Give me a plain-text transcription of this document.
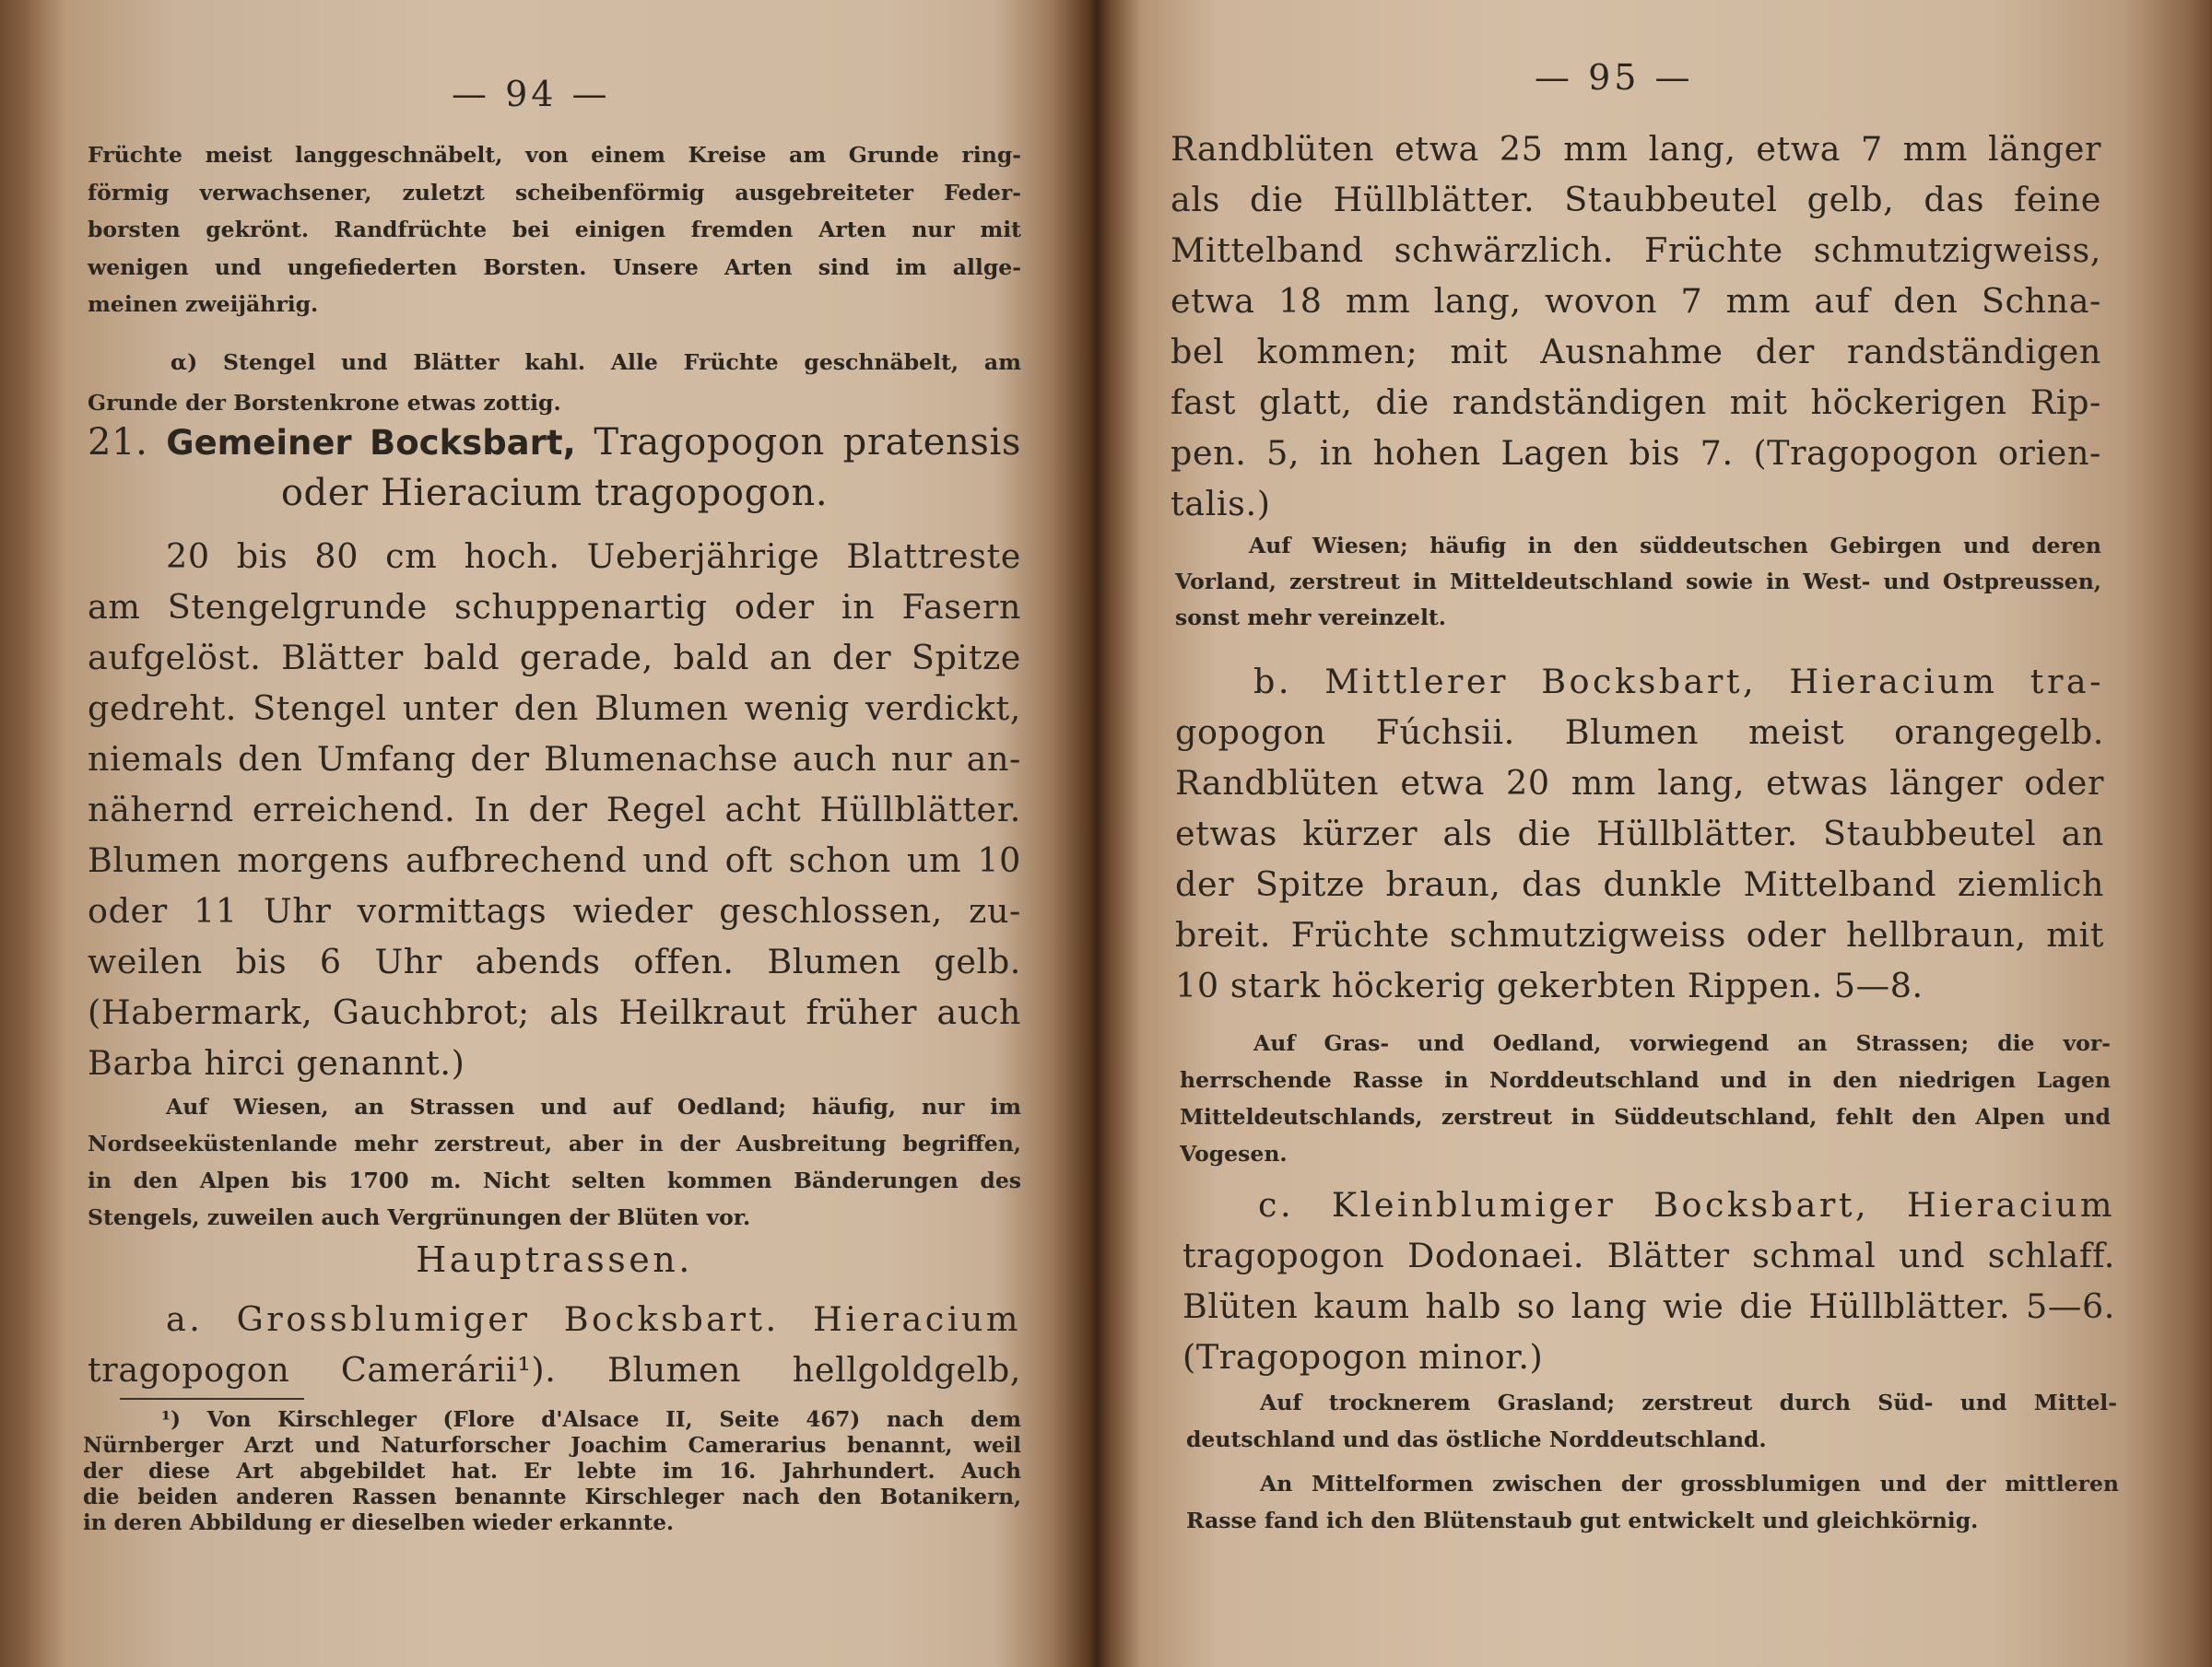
— 94 —
Früchte meist langgeschnäbelt, von einem Kreise am Grunde ring-
förmig verwachsener, zuletzt scheibenförmig ausgebreiteter Feder-
borsten gekrönt. Randfrüchte bei einigen fremden Arten nur mit
wenigen und ungefiederten Borsten. Unsere Arten sind im allge-
meinen zweijährig.
α) Stengel und Blätter kahl. Alle Früchte geschnäbelt, am
Grunde der Borstenkrone etwas zottig.
21. Gemeiner Bocksbart, Tragopogon pratensis
oder Hieracium tragopogon.
20 bis 80 cm hoch. Ueberjährige Blattreste
am Stengelgrunde schuppenartig oder in Fasern
aufgelöst. Blätter bald gerade, bald an der Spitze
gedreht. Stengel unter den Blumen wenig verdickt,
niemals den Umfang der Blumenachse auch nur an-
nähernd erreichend. In der Regel acht Hüllblätter.
Blumen morgens aufbrechend und oft schon um 10
oder 11 Uhr vormittags wieder geschlossen, zu-
weilen bis 6 Uhr abends offen. Blumen gelb.
(Habermark, Gauchbrot; als Heilkraut früher auch
Barba hirci genannt.)
Auf Wiesen, an Strassen und auf Oedland; häufig, nur im
Nordseeküstenlande mehr zerstreut, aber in der Ausbreitung begriffen,
in den Alpen bis 1700 m. Nicht selten kommen Bänderungen des
Stengels, zuweilen auch Vergrünungen der Blüten vor.
Hauptrassen.
a. Grossblumiger Bocksbart. Hieracium
tragopogon Camerárii¹). Blumen hellgoldgelb,
¹) Von Kirschleger (Flore d'Alsace II, Seite 467) nach dem
Nürnberger Arzt und Naturforscher Joachim Camerarius benannt, weil
der diese Art abgebildet hat. Er lebte im 16. Jahrhundert. Auch
die beiden anderen Rassen benannte Kirschleger nach den Botanikern,
in deren Abbildung er dieselben wieder erkannte.
— 95 —
Randblüten etwa 25 mm lang, etwa 7 mm länger
als die Hüllblätter. Staubbeutel gelb, das feine
Mittelband schwärzlich. Früchte schmutzigweiss,
etwa 18 mm lang, wovon 7 mm auf den Schna-
bel kommen; mit Ausnahme der randständigen
fast glatt, die randständigen mit höckerigen Rip-
pen. 5, in hohen Lagen bis 7. (Tragopogon orien-
talis.)
Auf Wiesen; häufig in den süddeutschen Gebirgen und deren
Vorland, zerstreut in Mitteldeutschland sowie in West- und Ostpreussen,
sonst mehr vereinzelt.
b. Mittlerer Bocksbart, Hieracium tra-
gopogon Fúchsii. Blumen meist orangegelb.
Randblüten etwa 20 mm lang, etwas länger oder
etwas kürzer als die Hüllblätter. Staubbeutel an
der Spitze braun, das dunkle Mittelband ziemlich
breit. Früchte schmutzigweiss oder hellbraun, mit
10 stark höckerig gekerbten Rippen. 5—8.
Auf Gras- und Oedland, vorwiegend an Strassen; die vor-
herrschende Rasse in Norddeutschland und in den niedrigen Lagen
Mitteldeutschlands, zerstreut in Süddeutschland, fehlt den Alpen und
Vogesen.
c. Kleinblumiger Bocksbart, Hieracium
tragopogon Dodonaei. Blätter schmal und schlaff.
Blüten kaum halb so lang wie die Hüllblätter. 5—6.
(Tragopogon minor.)
Auf trocknerem Grasland; zerstreut durch Süd- und Mittel-
deutschland und das östliche Norddeutschland.
An Mittelformen zwischen der grossblumigen und der mittleren
Rasse fand ich den Blütenstaub gut entwickelt und gleichkörnig.
